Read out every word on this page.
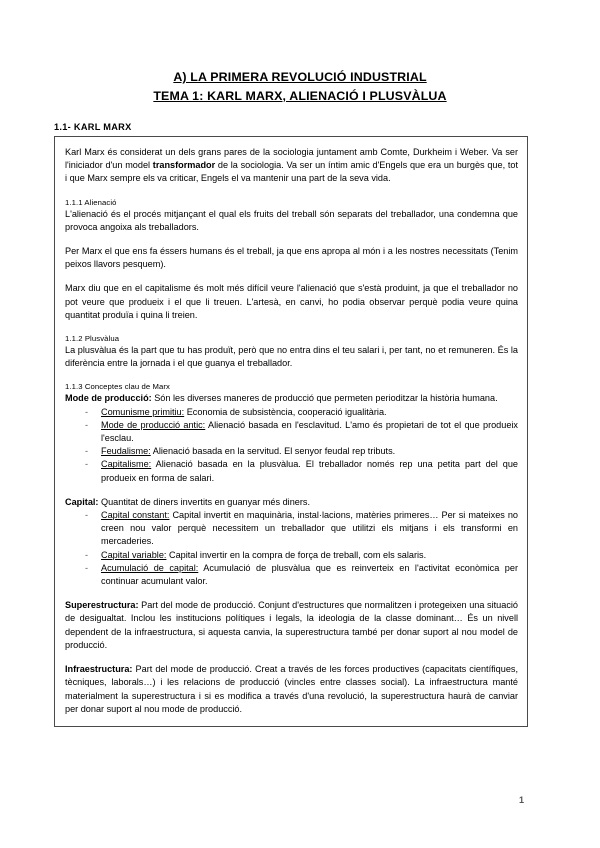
A) LA PRIMERA REVOLUCIÓ INDUSTRIAL
TEMA 1: KARL MARX, ALIENACIÓ I PLUSVÀLUA
1.1- KARL MARX

Karl Marx és considerat un dels grans pares de la sociologia juntament amb Comte, Durkheim i Weber. Va ser l'iniciador d'un model transformador de la sociologia. Va ser un íntim amic d'Engels que era un burgès que, tot i que Marx sempre els va criticar, Engels el va mantenir una part de la seva vida.

1.1.1 Alienació

L'alienació és el procés mitjançant el qual els fruits del treball són separats del treballador, una condemna que provoca angoixa als treballadors.

Per Marx el que ens fa éssers humans és el treball, ja que ens apropa al món i a les nostres necessitats (Tenim peixos llavors pesquem).

Marx diu que en el capitalisme és molt més difícil veure l'alienació que s'està produint, ja que el treballador no pot veure que produeix i el que li treuen. L'artesà, en canvi, ho podia observar perquè podia veure quina quantitat produïa i quina li treien.

1.1.2 Plusvàlua

La plusvàlua és la part que tu has produït, però que no entra dins el teu salari i, per tant, no et remuneren. És la diferència entre la jornada i el que guanya el treballador.

1.1.3 Conceptes clau de Marx

Mode de producció: Són les diverses maneres de producció que permeten perioditzar la història humana.

- Comunisme primitiu: Economia de subsistència, cooperació igualitària.
- Mode de producció antic: Alienació basada en l'esclavitud. L'amo és propietari de tot el que produeix l'esclau.
- Feudalisme: Alienació basada en la servitud. El senyor feudal rep tributs.
- Capitalisme: Alienació basada en la plusvàlua. El treballador només rep una petita part del que produeix en forma de salari.

Capital: Quantitat de diners invertits en guanyar més diners.

- Capital constant: Capital invertit en maquinària, instal·lacions, matèries primeres… Per si mateixes no creen nou valor perquè necessitem un treballador que utilitzi els mitjans i els transformi en mercaderies.
- Capital variable: Capital invertir en la compra de força de treball, com els salaris.
- Acumulació de capital: Acumulació de plusvàlua que es reinverteix en l'activitat econòmica per continuar acumulant valor.

Superestructura: Part del mode de producció. Conjunt d'estructures que normalitzen i protegeixen una situació de desigualtat. Inclou les institucions polítiques i legals, la ideologia de la classe dominant… És un nivell dependent de la infraestructura, si aquesta canvia, la superestructura també per donar suport al nou model de producció.

Infraestructura: Part del mode de producció. Creat a través de les forces productives (capacitats científiques, tècniques, laborals…) i les relacions de producció (vincles entre classes social). La infraestructura manté materialment la superestructura i si es modifica a través d'una revolució, la superestructura haurà de canviar per donar suport al nou mode de producció.

1
